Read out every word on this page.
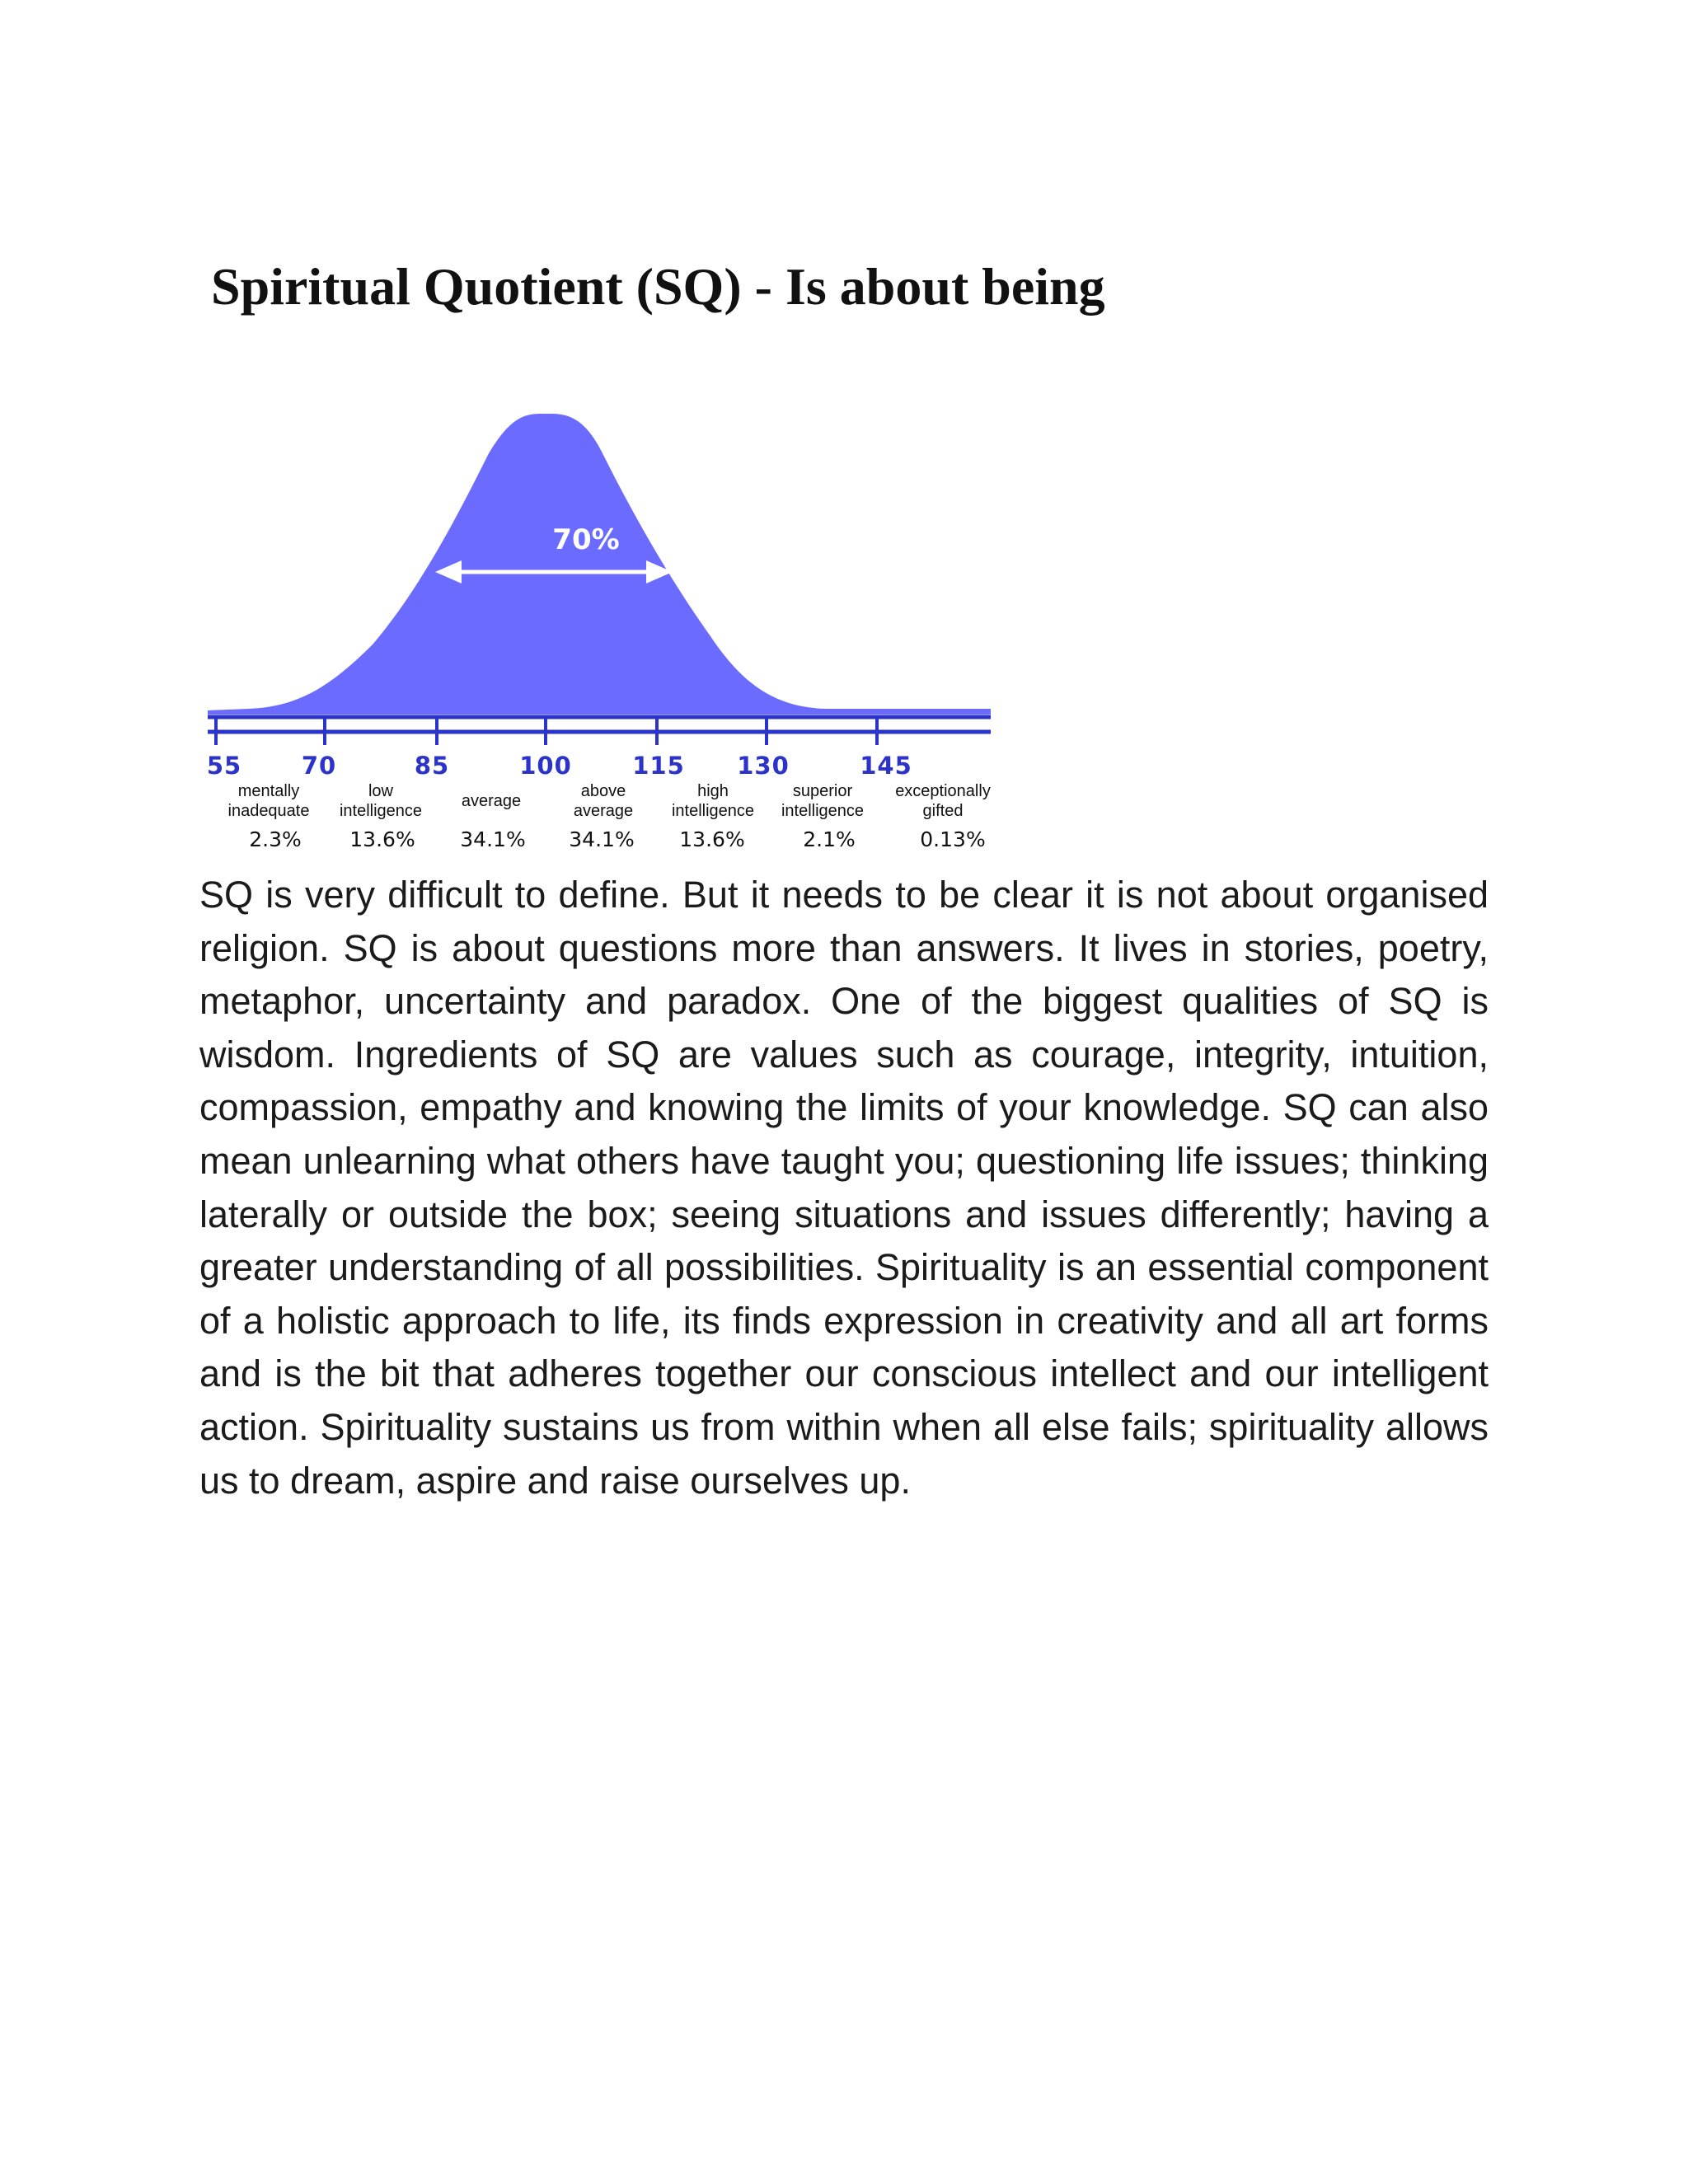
Spiritual Quotient (SQ) - Is about being
70%
55	70	85	100	115	130	145
mentally
inadequate
low
intelligence
average
above
average
high
intelligence
superior
intelligence
exceptionally
gifted
2.3%	13.6%	34.1%	34.1%	13.6%	2.1%	0.13%

SQ is very difficult to define. But it needs to be clear it is not about organised religion. SQ is about questions more than answers. It lives in stories, poetry, metaphor, uncertainty and paradox. One of the biggest qualities of SQ is wisdom. Ingredients of SQ are values such as courage, integrity, intuition, compassion, empathy and knowing the limits of your knowledge. SQ can also mean unlearning what others have taught you; questioning life issues; thinking laterally or outside the box; seeing situations and issues differently; having a greater understanding of all possibilities. Spirituality is an essential component of a holistic approach to life, its finds expression in creativity and all art forms and is the bit that adheres together our conscious intellect and our intelligent action. Spirituality sustains us from within when all else fails; spirituality allows us to dream, aspire and raise ourselves up.
